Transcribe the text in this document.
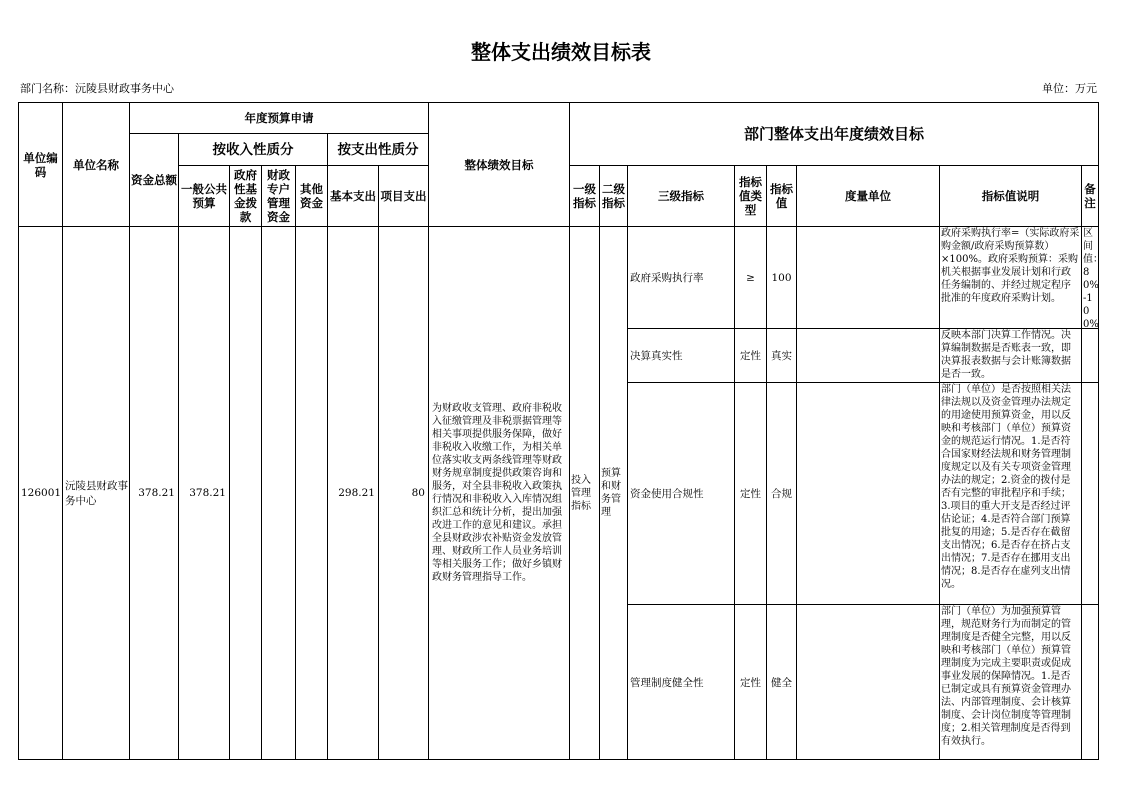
整体支出绩效目标表
部门名称：沅陵县财政事务中心	单位：万元
单位编码	单位名称	年度预算申请							整体绩效目标	部门整体支出年度绩效目标							
		资金总额	按收入性质分				按支出性质分										
			一般公共预算	政府性基金拨款	财政专户管理资金	其他资金	基本支出	项目支出		一级指标	二级指标	三级指标	指标值类型	指标值	度量单位	指标值说明	备注

126001	沅陵县财政事务中心	378.21	378.21				298.21	80	为财政收支管理、政府非税收入征缴管理及非税票据管理等相关事项提供服务保障，做好非税收入收缴工作，为相关单位落实收支两条线管理等财政财务规章制度提供政策咨询和服务，对全县非税收入政策执行情况和非税收入入库情况组织汇总和统计分析，提出加强改进工作的意见和建议。承担全县财政涉农补贴资金发放管理、财政所工作人员业务培训等相关服务工作；做好乡镇财政财务管理指导工作。	投入管理指标	预算和财务管理	政府采购执行率	≥	100		政府采购执行率=（实际政府采购金额/政府采购预算数）×100%。政府采购预算：采购机关根据事业发展计划和行政任务编制的、并经过规定程序批准的年度政府采购计划。	区间值：80%-100%

												决算真实性	定性	真实		反映本部门决算工作情况。决算编制数据是否账表一致，即决算报表数据与会计账簿数据是否一致。	

												资金使用合规性	定性	合规		部门（单位）是否按照相关法律法规以及资金管理办法规定的用途使用预算资金，用以反映和考核部门（单位）预算资金的规范运行情况。1.是否符合国家财经法规和财务管理制度规定以及有关专项资金管理办法的规定；2.资金的拨付是否有完整的审批程序和手续；3.项目的重大开支是否经过评估论证；4.是否符合部门预算批复的用途；5.是否存在截留支出情况；6.是否存在挤占支出情况；7.是否存在挪用支出情况；8.是否存在虚列支出情况。	

												管理制度健全性	定性	健全		部门（单位）为加强预算管理，规范财务行为而制定的管理制度是否健全完整，用以反映和考核部门（单位）预算管理制度为完成主要职责或促成事业发展的保障情况。1.是否已制定或具有预算资金管理办法、内部管理制度、会计核算制度、会计岗位制度等管理制度；2.相关管理制度是否得到有效执行。	
